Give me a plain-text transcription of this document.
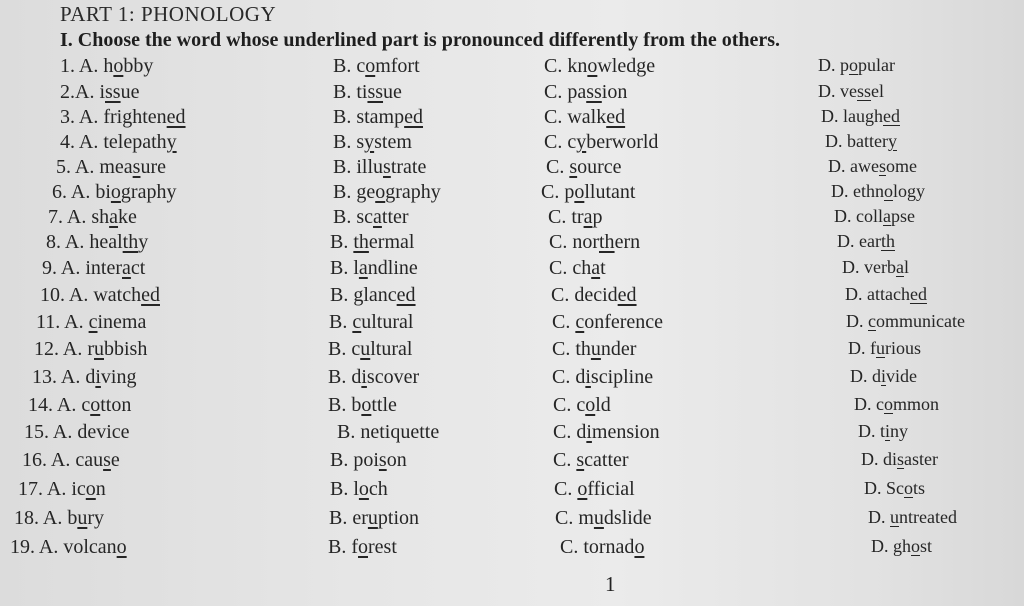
PART 1: PHONOLOGY
I. Choose the word whose underlined part is pronounced differently from the others.
1. A. hobby	B. comfort	C. knowledge	D. popular
2.A. issue	B. tissue	C. passion	D. vessel
3. A. frightened	B. stamped	C. walked	D. laughed
4. A. telepathy	B. system	C. cyberworld	D. battery
5. A. measure	B. illustrate	C. source	D. awesome
6. A. biography	B. geography	C. pollutant	D. ethnology
7. A. shake	B. scatter	C. trap	D. collapse
8. A. healthy	B. thermal	C. northern	D. earth
9. A. interact	B. landline	C. chat	D. verbal
10. A. watched	B. glanced	C. decided	D. attached
11. A. cinema	B. cultural	C. conference	D. communicate
12. A. rubbish	B. cultural	C. thunder	D. furious
13. A. diving	B. discover	C. discipline	D. divide
14. A. cotton	B. bottle	C. cold	D. common
15. A. device	B. netiquette	C. dimension	D. tiny
16. A. cause	B. poison	C. scatter	D. disaster
17. A. icon	B. loch	C. official	D. Scots
18. A. bury	B. eruption	C. mudslide	D. untreated
19. A. volcano	B. forest	C. tornado	D. ghost
1
